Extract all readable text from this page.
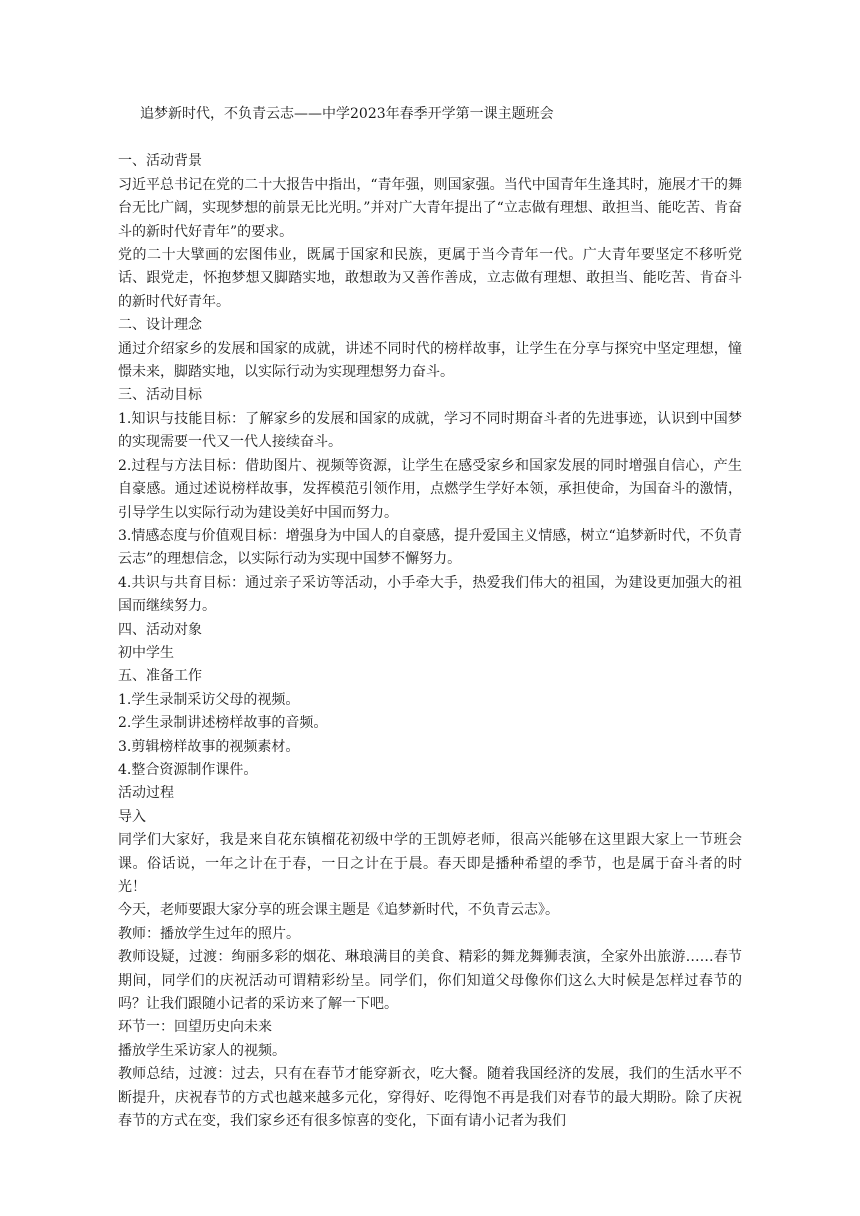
追梦新时代，不负青云志——中学2023年春季开学第一课主题班会

一、活动背景

习近平总书记在党的二十大报告中指出，“青年强，则国家强。当代中国青年生逢其时，施展才干的舞台无比广阔，实现梦想的前景无比光明。”并对广大青年提出了“立志做有理想、敢担当、能吃苦、肯奋斗的新时代好青年”的要求。

党的二十大擘画的宏图伟业，既属于国家和民族，更属于当今青年一代。广大青年要坚定不移听党话、跟党走，怀抱梦想又脚踏实地，敢想敢为又善作善成，立志做有理想、敢担当、能吃苦、肯奋斗的新时代好青年。

二、设计理念

通过介绍家乡的发展和国家的成就，讲述不同时代的榜样故事，让学生在分享与探究中坚定理想，憧憬未来，脚踏实地，以实际行动为实现理想努力奋斗。

三、活动目标

1.知识与技能目标：了解家乡的发展和国家的成就，学习不同时期奋斗者的先进事迹，认识到中国梦的实现需要一代又一代人接续奋斗。

2.过程与方法目标：借助图片、视频等资源，让学生在感受家乡和国家发展的同时增强自信心，产生自豪感。通过述说榜样故事，发挥模范引领作用，点燃学生学好本领，承担使命，为国奋斗的激情，引导学生以实际行动为建设美好中国而努力。

3.情感态度与价值观目标：增强身为中国人的自豪感，提升爱国主义情感，树立“追梦新时代，不负青云志”的理想信念，以实际行动为实现中国梦不懈努力。

4.共识与共育目标：通过亲子采访等活动，小手牵大手，热爱我们伟大的祖国，为建设更加强大的祖国而继续努力。

四、活动对象

初中学生

五、准备工作

1.学生录制采访父母的视频。

2.学生录制讲述榜样故事的音频。

3.剪辑榜样故事的视频素材。

4.整合资源制作课件。

活动过程

导入

同学们大家好，我是来自花东镇榴花初级中学的王凯婷老师，很高兴能够在这里跟大家上一节班会课。俗话说，一年之计在于春，一日之计在于晨。春天即是播种希望的季节，也是属于奋斗者的时光！

今天，老师要跟大家分享的班会课主题是《追梦新时代，不负青云志》。

教师：播放学生过年的照片。

教师设疑，过渡：绚丽多彩的烟花、琳琅满目的美食、精彩的舞龙舞狮表演，全家外出旅游……春节期间，同学们的庆祝活动可谓精彩纷呈。同学们，你们知道父母像你们这么大时候是怎样过春节的吗？让我们跟随小记者的采访来了解一下吧。

环节一：回望历史向未来

播放学生采访家人的视频。

教师总结，过渡：过去，只有在春节才能穿新衣，吃大餐。随着我国经济的发展，我们的生活水平不断提升，庆祝春节的方式也越来越多元化，穿得好、吃得饱不再是我们对春节的最大期盼。除了庆祝春节的方式在变，我们家乡还有很多惊喜的变化，下面有请小记者为我们
